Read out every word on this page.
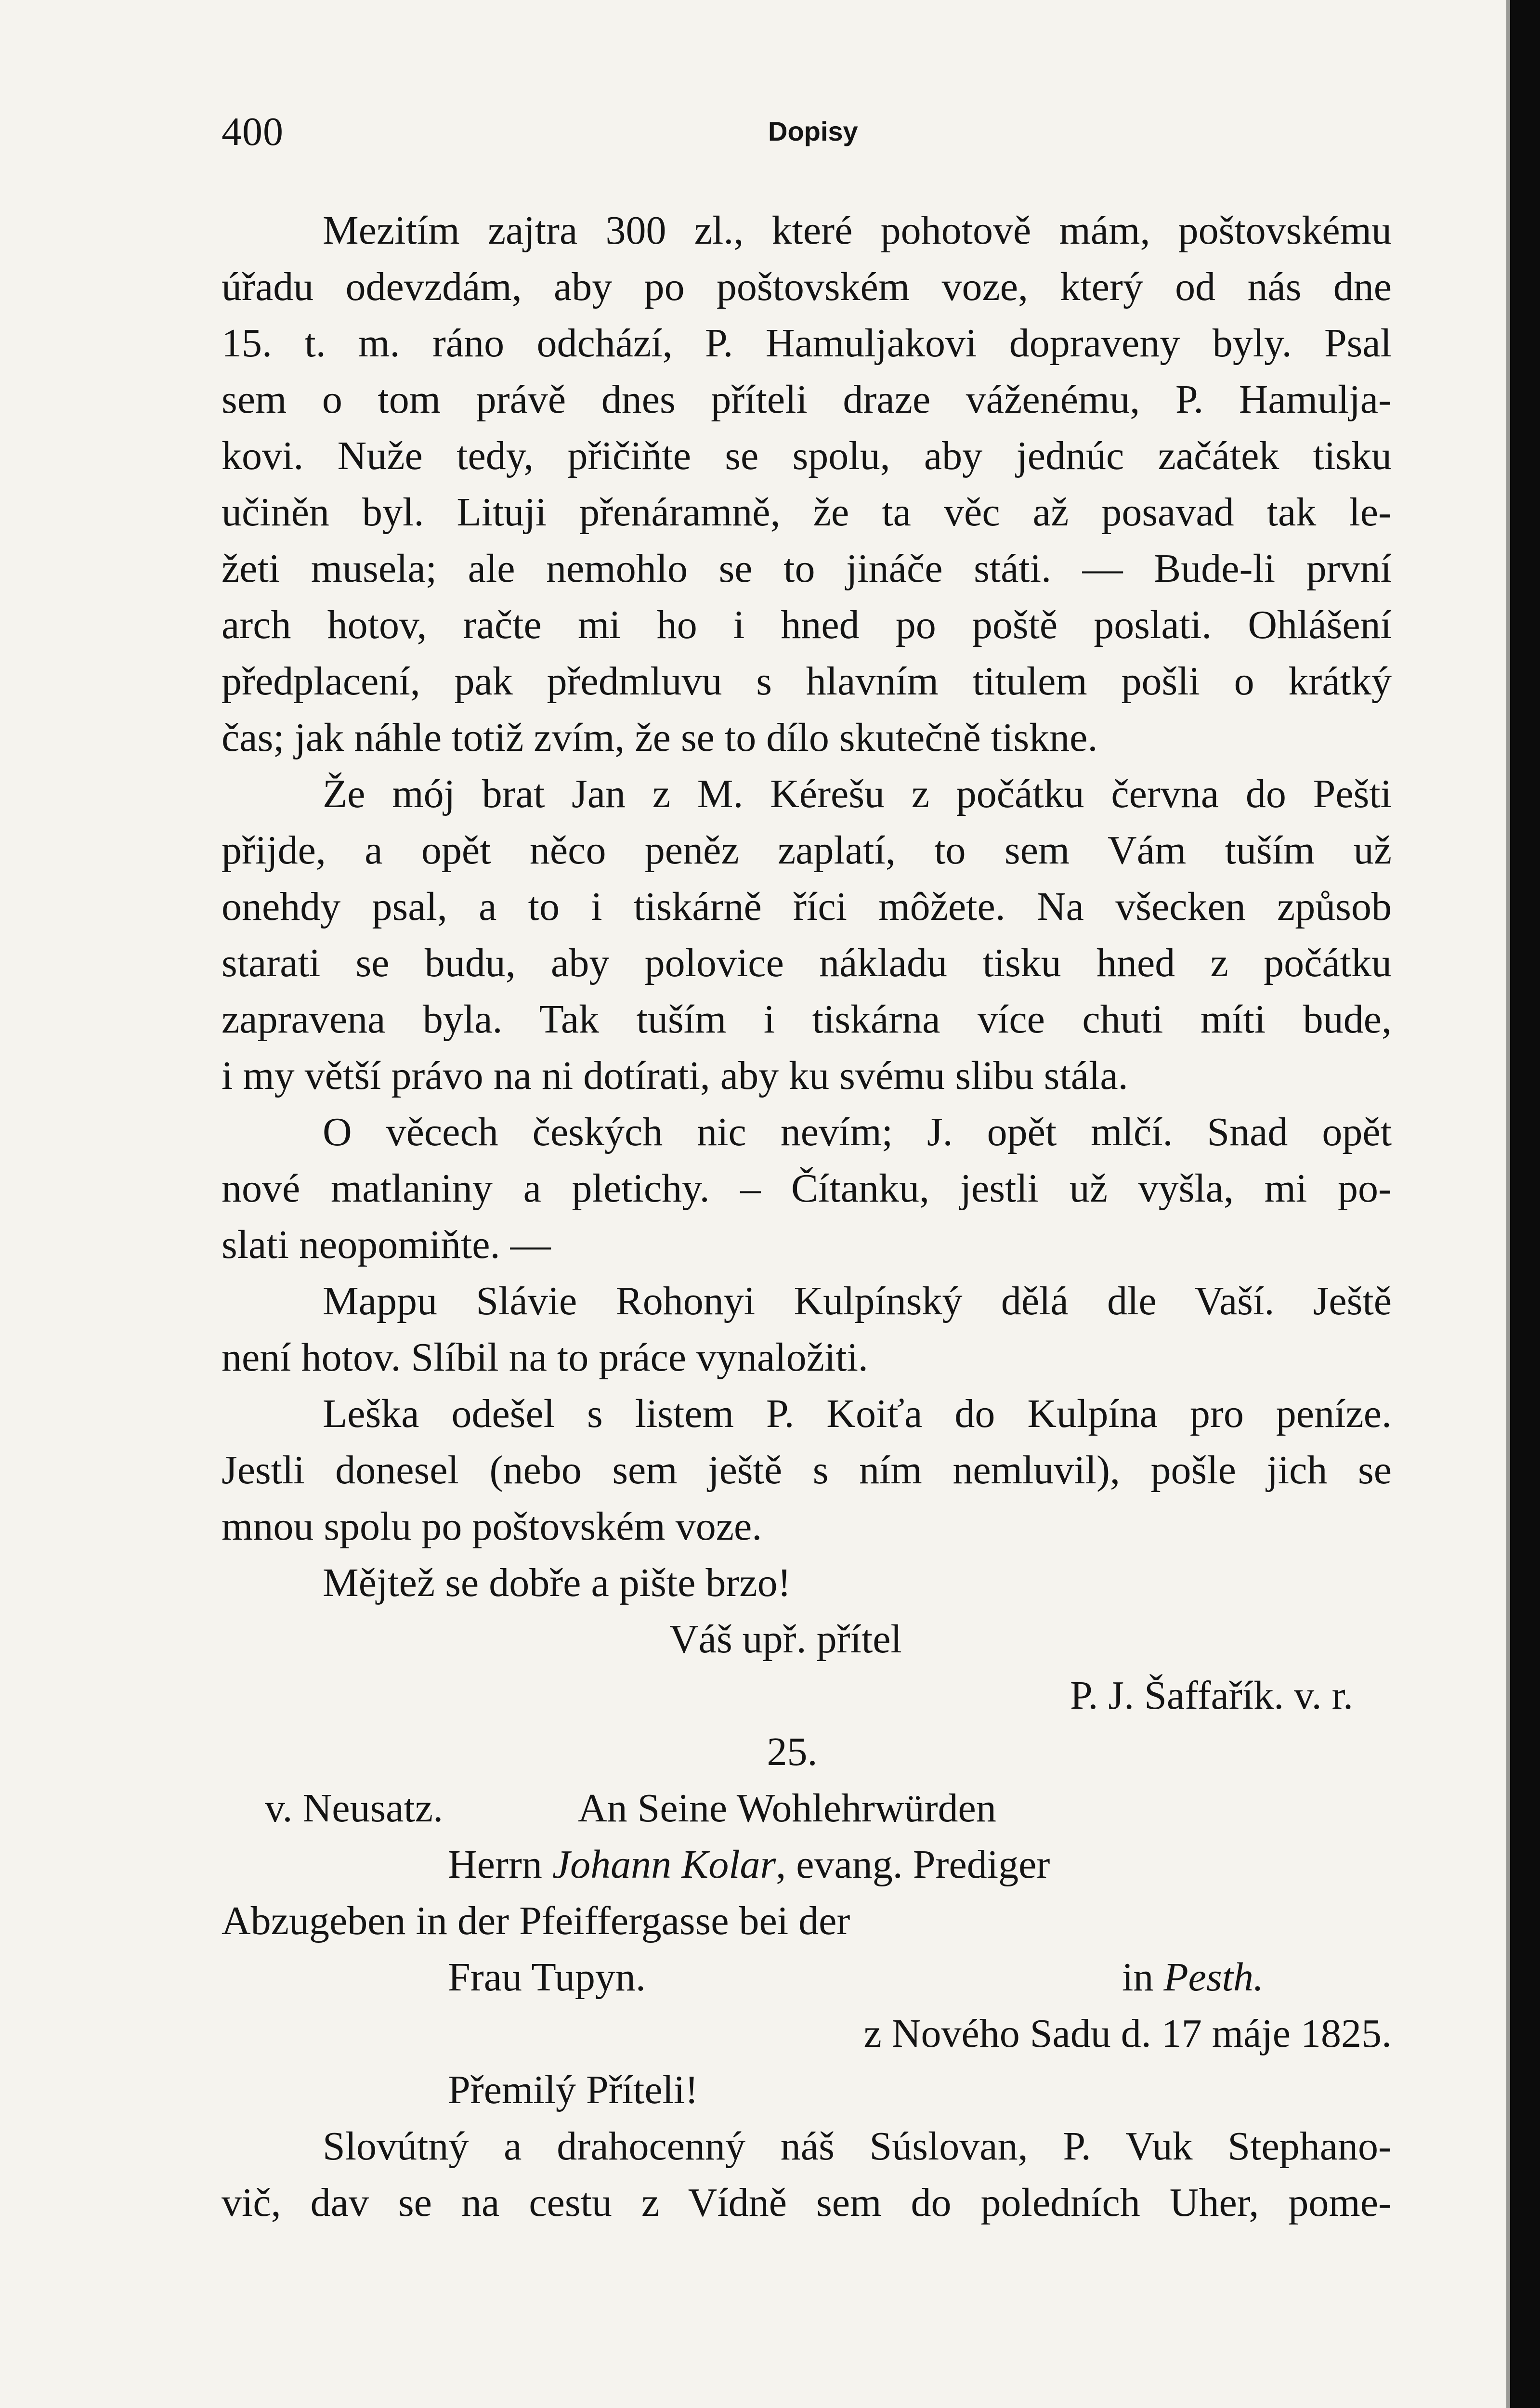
400	Dopisy
Mezitím zajtra 300 zl., které pohotově mám, poštovskému
úřadu odevzdám, aby po poštovském voze, který od nás dne
15. t. m. ráno odchází, P. Hamuljakovi dopraveny byly. Psal
sem o tom právě dnes příteli draze váženému, P. Hamulja-
kovi. Nuže tedy, přičiňte se spolu, aby jednúc začátek tisku
učiněn byl. Lituji přenáramně, že ta věc až posavad tak le-
žeti musela; ale nemohlo se to jináče státi. — Bude-li první
arch hotov, račte mi ho i hned po poště poslati. Ohlášení
předplacení, pak předmluvu s hlavním titulem pošli o krátký
čas; jak náhle totiž zvím, že se to dílo skutečně tiskne.
Že mój brat Jan z M. Kérešu z počátku června do Pešti
přijde, a opět něco peněz zaplatí, to sem Vám tuším už
onehdy psal, a to i tiskárně říci môžete. Na všecken způsob
starati se budu, aby polovice nákladu tisku hned z počátku
zapravena byla. Tak tuším i tiskárna více chuti míti bude,
i my větší právo na ni dotírati, aby ku svému slibu stála.
O věcech českých nic nevím; J. opět mlčí. Snad opět
nové matlaniny a pletichy. – Čítanku, jestli už vyšla, mi po-
slati neopomiňte. —
Mappu Slávie Rohonyi Kulpínský dělá dle Vaší. Ještě
není hotov. Slíbil na to práce vynaložiti.
Leška odešel s listem P. Koiťa do Kulpína pro peníze.
Jestli donesel (nebo sem ještě s ním nemluvil), pošle jich se
mnou spolu po poštovském voze.
Mějtež se dobře a pište brzo!
Váš upř. přítel
P. J. Šaffařík. v. r.
25.
v. Neusatz.	An Seine Wohlehrwürden
Herrn Johann Kolar, evang. Prediger
Abzugeben in der Pfeiffergasse bei der
Frau Tupyn.	in Pesth.
z Nového Sadu d. 17 máje 1825.
Přemilý Příteli!
Slovútný a drahocenný náš Súslovan, P. Vuk Stephano-
vič, dav se na cestu z Vídně sem do poledních Uher, pome-
